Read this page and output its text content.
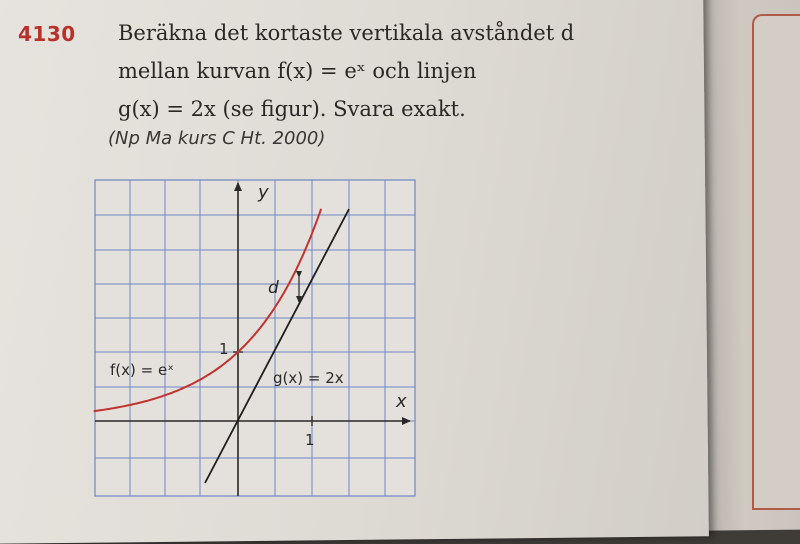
4130 Beräkna det kortaste vertikala avståndet d

mellan kurvan f(x) = eˣ och linjen

g(x) = 2x (se figur). Svara exakt.

(Np Ma kurs C Ht. 2000)
y
x
1
1
f(x) = eˣ	g(x) = 2x
d
